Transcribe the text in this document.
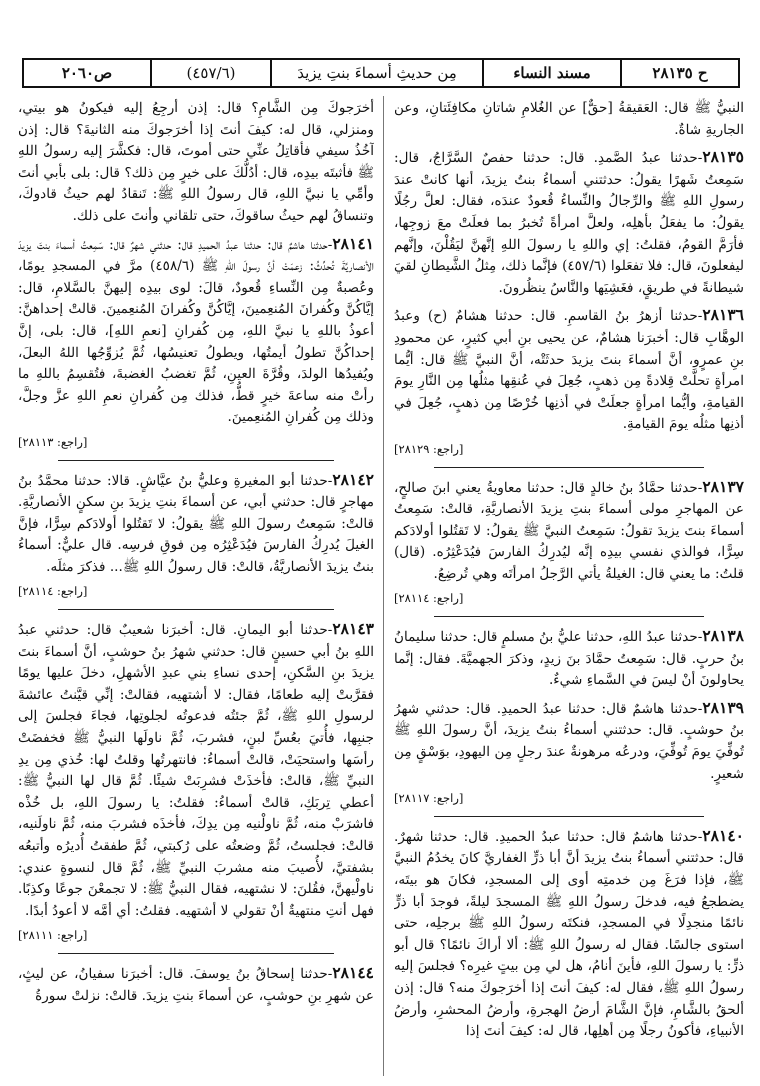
ح ٢٨١٣٥
مسند النساء
مِن حديثِ أسماءَ بنتِ يزيدَ
(٤٥٧/٦)
ص٢٠٦٠

النبيُّ ﷺ قال: العَقيقةُ [حقٌّ] عن الغُلامِ شاتانِ مكافِئَتانِ، وعن الجاريةِ شاةٌ.

٢٨١٣٥-حدثنا عبدُ الصَّمدِ. قال: حدثنا حفصٌ السَّرَّاجُ، قال: سَمِعتُ شَهرًا يقولُ: حدثتني أسماءُ بنتُ يزيدَ، أنها كانتْ عندَ رسولِ اللهِ ﷺ والرِّجالُ والنِّساءُ قُعودٌ عندَه، فقال: لعلَّ رجُلًا يقولُ: ما يفعَلُ بأهلِه، ولعلَّ امرأةً تُخبرُ بما فعلَتْ معَ زوجِها، فأرَمَّ القومُ، فقلتُ: إي واللهِ يا رسولَ اللهِ إنَّهنَّ ليَقُلْنَ، وإنَّهم ليفعلونَ، قال: فلا تفعَلوا (٤٥٧/٦) فإنَّما ذلك، مِثلُ الشَّيطانِ لقيَ شيطانةً في طريقٍ، فغَشِيَها والنَّاسُ ينظُرونَ.

٢٨١٣٦-حدثنا أزهرُ بنُ القاسمِ. قال: حدثنا هشامٌ (ح) وعبدُ الوهَّابِ قال: أخبرَنا هشامٌ، عن يحيى بنِ أبي كثيرٍ، عن محمودِ بنِ عمرٍو، أنَّ أسماءَ بنتَ يزيدَ حدثَتْه، أنَّ النبيَّ ﷺ قال: أيُّما امرأةٍ تحلَّتْ قِلادةً مِن ذهبٍ، جُعِلَ في عُنقِها مثلُها مِن النَّارِ يومَ القيامةِ، وأيُّما امرأةٍ جعلَتْ في أذنِها خُرْصًا مِن ذهبٍ، جُعِلَ في أذنِها مثلُه يومَ القيامةِ.

[راجع: ٢٨١٢٩]

٢٨١٣٧-حدثنا حمَّادُ بنُ خالدٍ قال: حدثنا معاويةُ يعني ابنَ صالحٍ، عن المهاجرِ مولى أسماءَ بنتِ يزيدَ الأنصاريَّةِ، قالتْ: سَمِعتُ أسماءَ بنتَ يزيدَ تقولُ: سَمِعتُ النبيَّ ﷺ يقولُ: لا تَقتُلوا أولادَكم سِرًّا، فوالذي نفسي بيدِه إنَّه ليُدرِكُ الفارسَ فيُدَعْثِرُه. (قال) قلتُ: ما يعني قال: الغيلةُ يأتي الرَّجلُ امرأتَه وهي تُرضِعُ.

[راجع: ٢٨١١٤]

٢٨١٣٨-حدثنا عبدُ اللهِ، حدثنا عليُّ بنُ مسلمٍ قال: حدثنا سليمانُ بنُ حربٍ. قال: سَمِعتُ حمَّادَ بنَ زيدٍ، وذكرَ الجهميَّةَ. فقال: إنَّما يحاولونَ أنْ ليسَ في السَّماءِ شيءٌ.

٢٨١٣٩-حدثنا هاشمٌ قال: حدثنا عبدُ الحميدِ. قال: حدثني شهرُ بنُ حوشبٍ. قال: حدثتني أسماءُ بنتُ يزيدَ، أنَّ رسولَ اللهِ ﷺ تُوفِّيَ يومَ تُوفِّيَ، ودرعُه مرهونةٌ عندَ رجلٍ مِن اليهودِ، بوَسْقٍ مِن شعيرٍ.

[راجع: ٢٨١١٧]

٢٨١٤٠-حدثنا هاشمٌ قال: حدثنا عبدُ الحميدِ. قال: حدثنا شهرٌ. قال: حدثتني أسماءُ بنتُ يزيدَ أنَّ أبا ذرٍّ الغفاريَّ كانَ يخدُمُ النبيَّ ﷺ، فإذا فرَغَ مِن خدمتِه أوى إلى المسجدِ، فكانَ هو بيتَه، يضطجعُ فيه، فدخلَ رسولُ اللهِ ﷺ المسجدَ ليلةً، فوجدَ أبا ذرٍّ نائمًا منجدِلًا في المسجدِ، فنكتَه رسولُ اللهِ ﷺ برجلِه، حتى استوى جالسًا. فقال له رسولُ اللهِ ﷺ: ألا أراكَ نائمًا؟ قال أبو ذرٍّ: يا رسولَ اللهِ، فأينَ أنامُ، هل لي مِن بيتٍ غيرِه؟ فجلسَ إليه رسولُ اللهِ ﷺ، فقال له: كيفَ أنتَ إذا أخرَجوكَ منه؟ قال: إذن ألحقُ بالشَّامِ، فإنَّ الشَّامَ أرضُ الهجرةِ، وأرضُ المحشرِ، وأرضُ الأنبياءِ، فأكونُ رجلًا مِن أهلِها، قال له: كيفَ أنتَ إذا

أخرَجوكَ مِن الشَّامِ؟ قال: إذن أرجِعُ إليه فيكونُ هو بيتي، ومنزلي، قال له: كيفَ أنتَ إذا أخرَجوكَ منه الثانيةَ؟ قال: إذن آخُذُ سيفي فأقاتِلُ عنِّي حتى أموتَ، قال: فكشَّرَ إليه رسولُ اللهِ ﷺ فأثبتَه بيدِه، قال: أدُلُّكَ على خيرٍ مِن ذلك؟ قال: بلى بأبي أنتَ وأمِّي يا نبيَّ اللهِ، قال رسولُ اللهِ ﷺ: تَنقادُ لهم حيثُ قادوكَ، وتنساقُ لهم حيثُ ساقوكَ، حتى تلقاني وأنتَ على ذلك.

٢٨١٤١-حدثنا هاشمٌ قال: حدثنا عبدُ الحميدِ قال: حدثني شهرٌ قال: سَمِعتُ أسماءَ بنتَ يزيدَ الأنصاريَّةَ تُحدِّثُ: زعمَتْ أنَّ رسولَ اللهِ ﷺ (٤٥٨/٦) مرَّ في المسجدِ يومًا، وعُصبةٌ مِن النِّساءِ قُعودٌ، قالَ: لوى بيدِه إليهنَّ بالسَّلامِ، قال: إيَّاكُنَّ وكُفرانَ المُنعِمينَ، إيَّاكُنَّ وكُفرانَ المُنعِمينَ. قالتْ إحداهنَّ: أعوذُ باللهِ يا نبيَّ اللهِ، مِن كُفرانِ [نعمِ اللهِ]، قال: بلى، إنَّ إحداكُنَّ تطولُ أيمتُها، ويطولُ تعنيسُها، ثُمَّ يُزوِّجُها اللهُ البعلَ، ويُفيدُها الولدَ، وقُرَّةَ العينِ، ثُمَّ تغضبُ الغضبةَ، فتُقسِمُ باللهِ ما رأتْ منه ساعةَ خيرٍ قطُّ، فذلك مِن كُفرانِ نعمِ اللهِ عزَّ وجلَّ، وذلك مِن كُفرانِ المُنعِمينَ.

[راجع: ٢٨١١٣]

٢٨١٤٢-حدثنا أبو المغيرةِ وعليُّ بنُ عيَّاشٍ. قالا: حدثنا محمَّدُ بنُ مهاجرٍ قال: حدثني أبي، عن أسماءَ بنتِ يزيدَ بنِ سكنٍ الأنصاريَّةِ. قالتْ: سَمِعتُ رسولَ اللهِ ﷺ يقولُ: لا تَقتُلوا أولادَكم سِرًّا، فإنَّ الغيلَ يُدرِكُ الفارسَ فيُدَعْثِرُه مِن فوقِ فرسِه. قال عليٌّ: أسماءُ بنتُ يزيدَ الأنصاريَّةُ، قالتْ: قال رسولُ اللهِ ﷺ... فذكرَ مثلَه.

[راجع: ٢٨١١٤]

٢٨١٤٣-حدثنا أبو اليمانِ. قال: أخبرَنا شعيبٌ قال: حدثني عبدُ اللهِ بنُ أبي حسينٍ قال: حدثني شهرُ بنُ حوشبٍ، أنَّ أسماءَ بنتَ يزيدَ بنِ السَّكنِ، إحدى نساءِ بني عبدِ الأشهلِ، دخلَ عليها يومًا فقرَّبتْ إليه طعامًا، فقال: لا أشتهيه، فقالتْ: إنِّي قيَّنتُ عائشةَ لرسولِ اللهِ ﷺ، ثُمَّ جئتُه فدعوتُه لجلوتِها، فجاءَ فجلسَ إلى جنبِها، فأُتيَ بعُسِّ لبنٍ، فشربَ، ثُمَّ ناولَها النبيُّ ﷺ فخفضَتْ رأسَها واستحيَتْ، قالتْ أسماءُ: فانتهرتُها وقلتُ لها: خُذي مِن يدِ النبيِّ ﷺ، قالتْ: فأخذَتْ فشرِبَتْ شيئًا. ثُمَّ قال لها النبيُّ ﷺ: أعطي تِربَكِ، قالتْ أسماءُ: فقلتُ: يا رسولَ اللهِ، بل خُذْه فاشرَبْ منه، ثُمَّ ناولْنيه مِن يدِكَ، فأخذَه فشربَ منه، ثُمَّ ناولَنيه، قالتْ: فجلستُ، ثُمَّ وضعتُه على رُكبتي، ثُمَّ طفقتُ أُديرُه وأتبعُه بشفتيَّ، لأُصيبَ منه مشربَ النبيِّ ﷺ، ثُمَّ قال لنسوةٍ عندي: ناولْيهنَّ، فقُلنَ: لا نشتهيه، فقال النبيُّ ﷺ: لا تجمعْنَ جوعًا وكذِبًا. فهل أنتِ منتهيةٌ أنْ تقولي لا أشتهيه. فقلتُ: أي أمَّه لا أعودُ أبدًا.

[راجع: ٢٨١١١]

٢٨١٤٤-حدثنا إسحاقُ بنُ يوسفَ. قال: أخبرَنا سفيانُ، عن ليثٍ، عن شهرِ بنِ حوشبٍ، عن أسماءَ بنتِ يزيدَ. قالتْ: نزلتْ سورةُ
